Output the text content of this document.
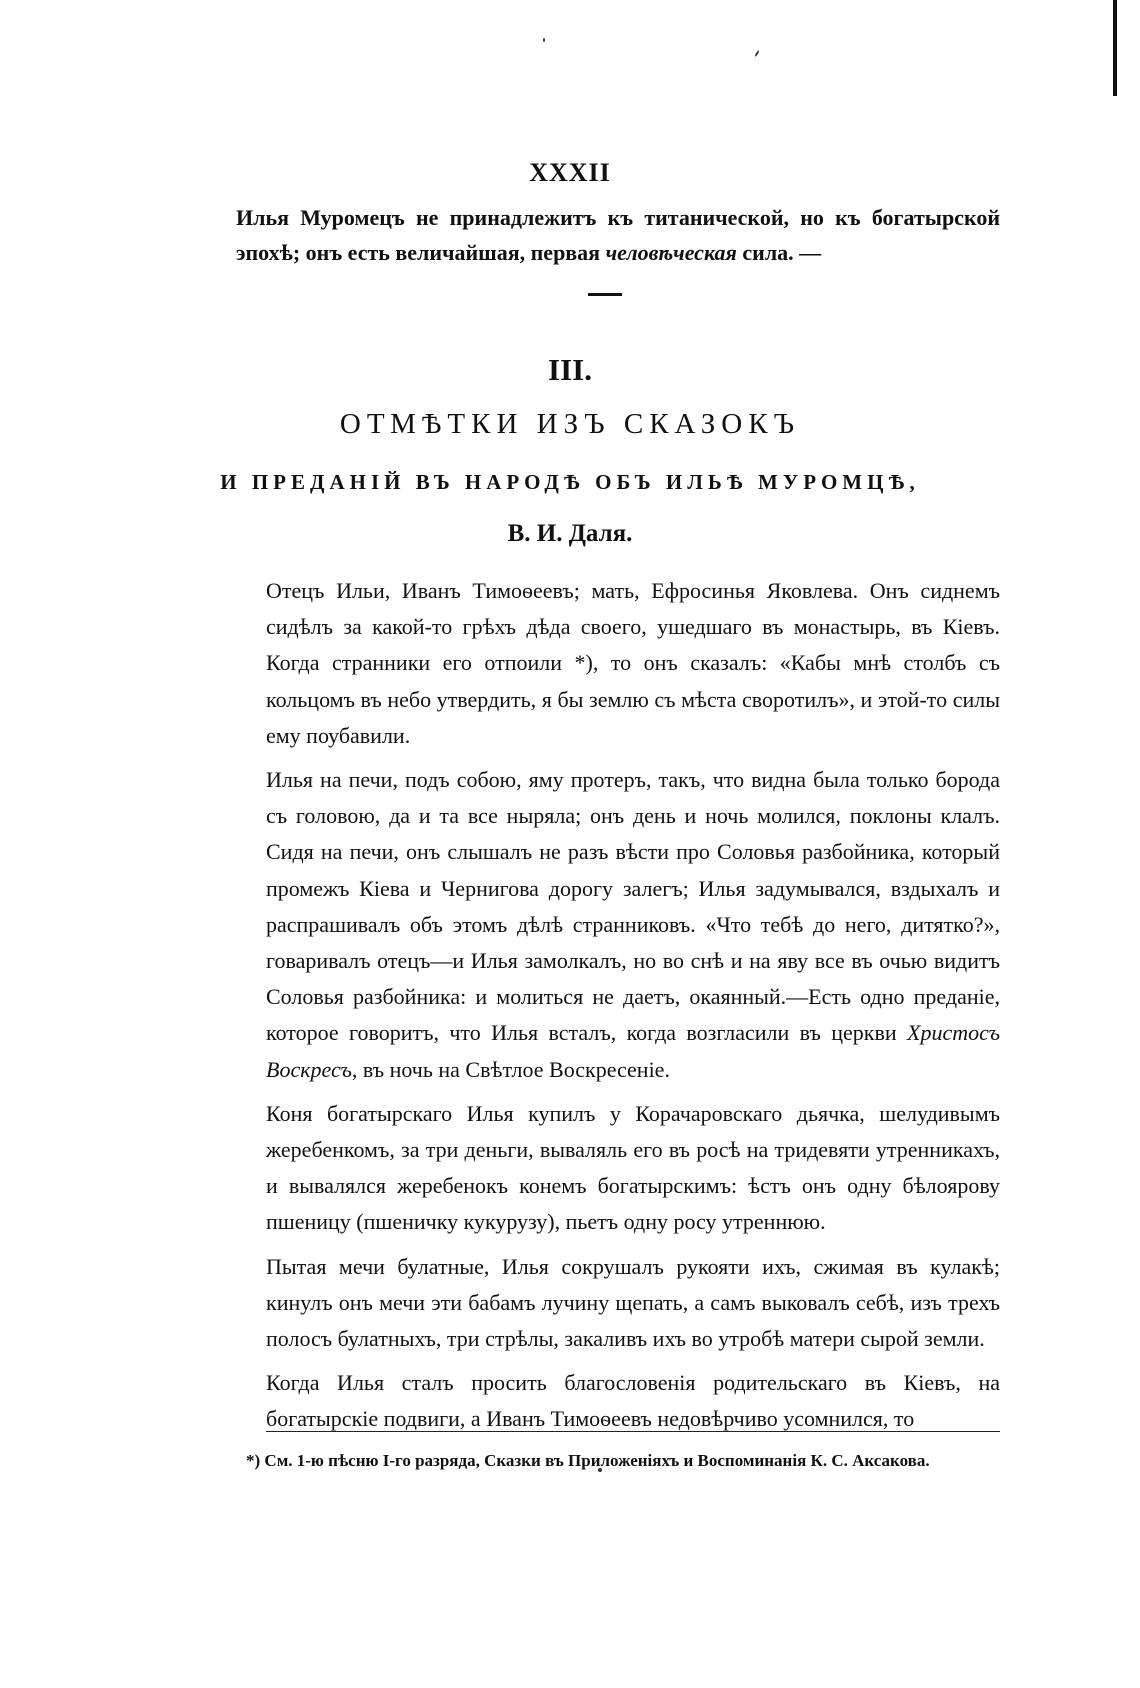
XXXII
Илья Муромецъ не принадлежитъ къ титанической, но къ богатырской эпохѣ; онъ есть величайшая, первая человѣческая сила. —
III.
ОТМѢТКИ ИЗЪ СКАЗОКЪ
И ПРЕДАНІЙ ВЪ НАРОДѢ ОБЪ ИЛЬѢ МУРОМЦѢ,
В. И. Даля.

Отецъ Ильи, Иванъ Тимоѳеевъ; мать, Ефросинья Яковлева. Онъ сиднемъ сидѣлъ за какой-то грѣхъ дѣда своего, ушедшаго въ монастырь, въ Кіевъ. Когда странники его отпоили *), то онъ сказалъ: «Кабы мнѣ столбъ съ кольцомъ въ небо утвердить, я бы землю съ мѣста своротилъ», и этой-то силы ему поубавили.

Илья на печи, подъ собою, яму протеръ, такъ, что видна была только борода съ головою, да и та все ныряла; онъ день и ночь молился, поклоны клалъ. Сидя на печи, онъ слышалъ не разъ вѣсти про Соловья разбойника, который промежъ Кіева и Чернигова дорогу залегъ; Илья задумывался, вздыхалъ и распрашивалъ объ этомъ дѣлѣ странниковъ. «Что тебѣ до него, дитятко?», говаривалъ отецъ—и Илья замолкалъ, но во снѣ и на яву все въ очью видитъ Соловья разбойника: и молиться не даетъ, окаянный.—Есть одно преданіе, которое говоритъ, что Илья всталъ, когда возгласили въ церкви Христосъ Воскресъ, въ ночь на Свѣтлое Воскресеніе.

Коня богатырскаго Илья купилъ у Корачаровскаго дьячка, шелудивымъ жеребенкомъ, за три деньги, вываляль его въ росѣ на тридевяти утренникахъ, и вывалялся жеребенокъ конемъ богатырскимъ: ѣстъ онъ одну бѣлоярову пшеницу (пшеничку кукурузу), пьетъ одну росу утреннюю.

Пытая мечи булатные, Илья сокрушалъ рукояти ихъ, сжимая въ кулакѣ; кинулъ онъ мечи эти бабамъ лучину щепать, а самъ выковалъ себѣ, изъ трехъ полосъ булатныхъ, три стрѣлы, закаливъ ихъ во утробѣ матери сырой земли.

Когда Илья сталъ просить благословенія родительскаго въ Кіевъ, на богатырскіе подвиги, а Иванъ Тимоѳеевъ недовѣрчиво усомнился, то

*) См. 1-ю пѣсню І-го разряда, Сказки въ Приложеніяхъ и Воспоминанія К. С. Аксакова.
